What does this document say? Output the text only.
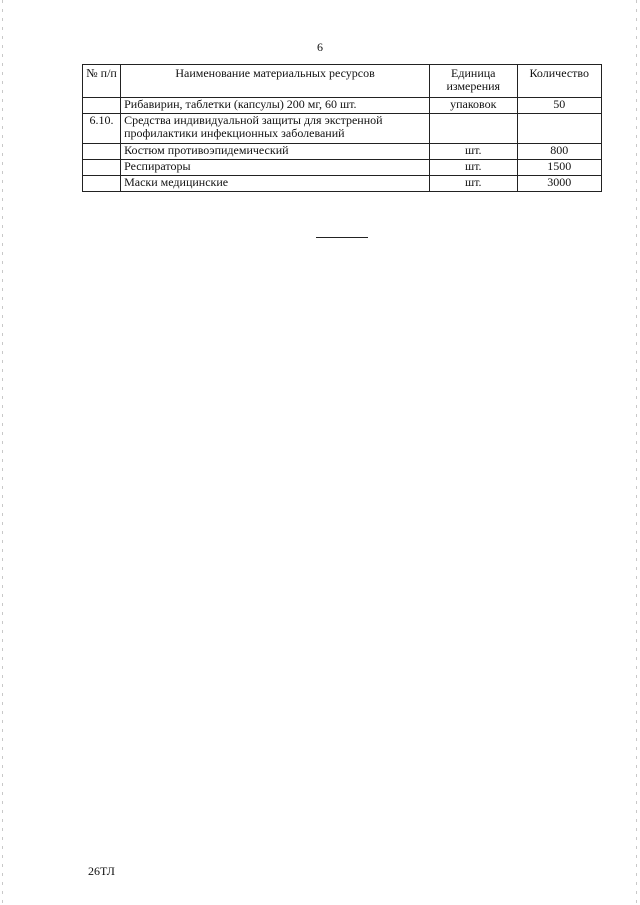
6
№ п/п	Наименование материальных ресурсов	Единица измерения	Количество
	Рибавирин, таблетки (капсулы) 200 мг, 60 шт.	упаковок	50
6.10.	Средства индивидуальной защиты для экстренной профилактики инфекционных заболеваний		
	Костюм противоэпидемический	шт.	800
	Респираторы	шт.	1500
	Маски медицинские	шт.	3000
26ТЛ
